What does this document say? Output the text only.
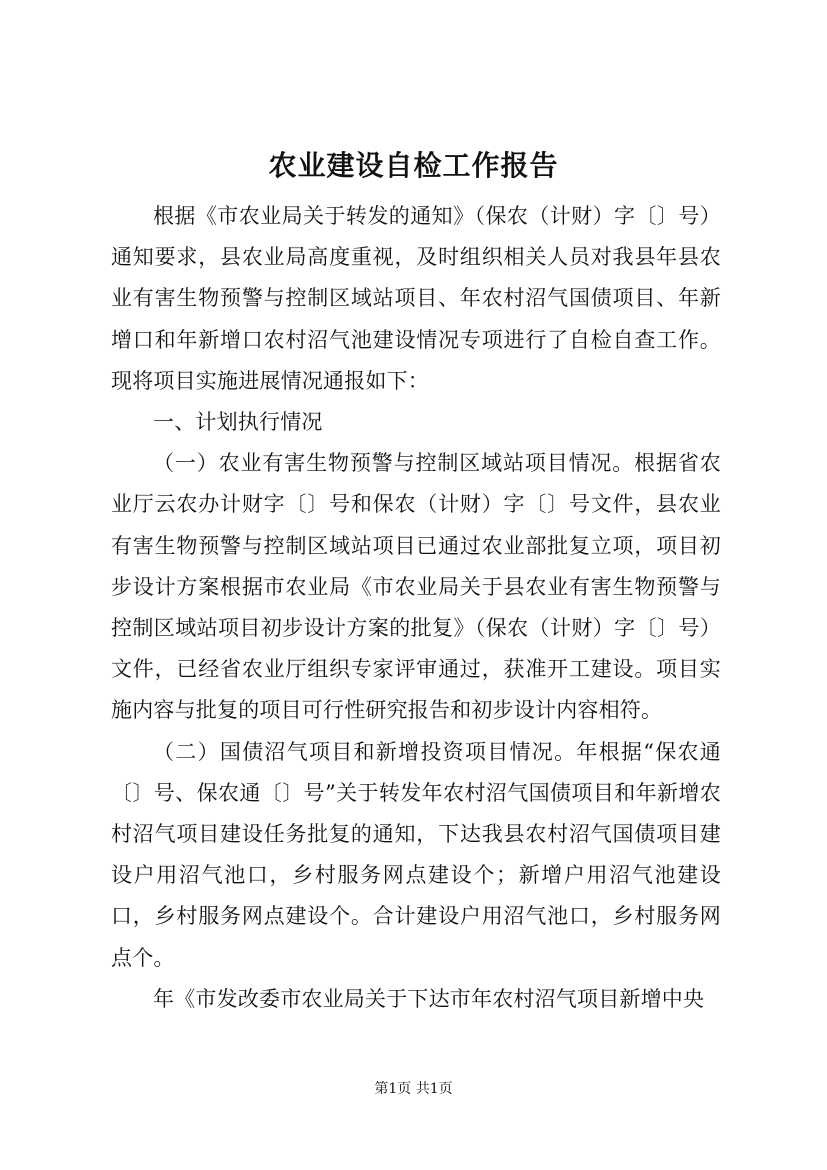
农业建设自检工作报告

根据《市农业局关于转发的通知》（保农（计财）字〔〕号）通知要求，县农业局高度重视，及时组织相关人员对我县年县农业有害生物预警与控制区域站项目、年农村沼气国债项目、年新增口和年新增口农村沼气池建设情况专项进行了自检自查工作。现将项目实施进展情况通报如下：

一、计划执行情况

（一）农业有害生物预警与控制区域站项目情况。根据省农业厅云农办计财字〔〕号和保农（计财）字〔〕号文件，县农业有害生物预警与控制区域站项目已通过农业部批复立项，项目初步设计方案根据市农业局《市农业局关于县农业有害生物预警与控制区域站项目初步设计方案的批复》（保农（计财）字〔〕号）文件，已经省农业厅组织专家评审通过，获准开工建设。项目实施内容与批复的项目可行性研究报告和初步设计内容相符。

（二）国债沼气项目和新增投资项目情况。年根据“保农通〔〕号、保农通〔〕号”关于转发年农村沼气国债项目和年新增农村沼气项目建设任务批复的通知，下达我县农村沼气国债项目建设户用沼气池口，乡村服务网点建设个；新增户用沼气池建设口，乡村服务网点建设个。合计建设户用沼气池口，乡村服务网点个。

年《市发改委市农业局关于下达市年农村沼气项目新增中央

第1页 共1页
